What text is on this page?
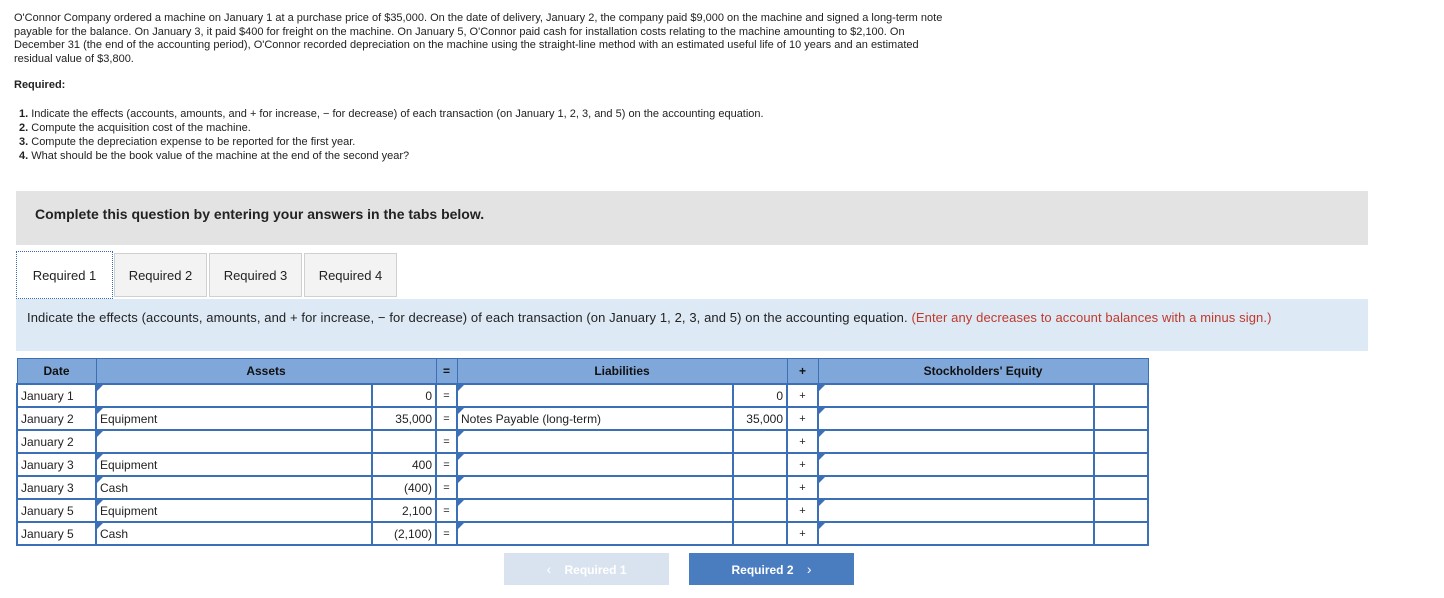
O'Connor Company ordered a machine on January 1 at a purchase price of $35,000. On the date of delivery, January 2, the company paid $9,000 on the machine and signed a long-term note payable for the balance. On January 3, it paid $400 for freight on the machine. On January 5, O'Connor paid cash for installation costs relating to the machine amounting to $2,100. On December 31 (the end of the accounting period), O'Connor recorded depreciation on the machine using the straight-line method with an estimated useful life of 10 years and an estimated residual value of $3,800.
Required:
1. Indicate the effects (accounts, amounts, and + for increase, − for decrease) of each transaction (on January 1, 2, 3, and 5) on the accounting equation.
2. Compute the acquisition cost of the machine.
3. Compute the depreciation expense to be reported for the first year.
4. What should be the book value of the machine at the end of the second year?
Complete this question by entering your answers in the tabs below.
Required 1	Required 2	Required 3	Required 4
Indicate the effects (accounts, amounts, and + for increase, − for decrease) of each transaction (on January 1, 2, 3, and 5) on the accounting equation. (Enter any decreases to account balances with a minus sign.)
Date	Assets		=	Liabilities		+	Stockholders' Equity	
January 1		0	=		0	+		
January 2	Equipment	35,000	=	Notes Payable (long-term)	35,000	+		
January 2			=			+		
January 3	Equipment	400	=			+		
January 3	Cash	(400)	=			+		
January 5	Equipment	2,100	=			+		
January 5	Cash	(2,100)	=			+		
‹ Required 1	Required 2 ›
